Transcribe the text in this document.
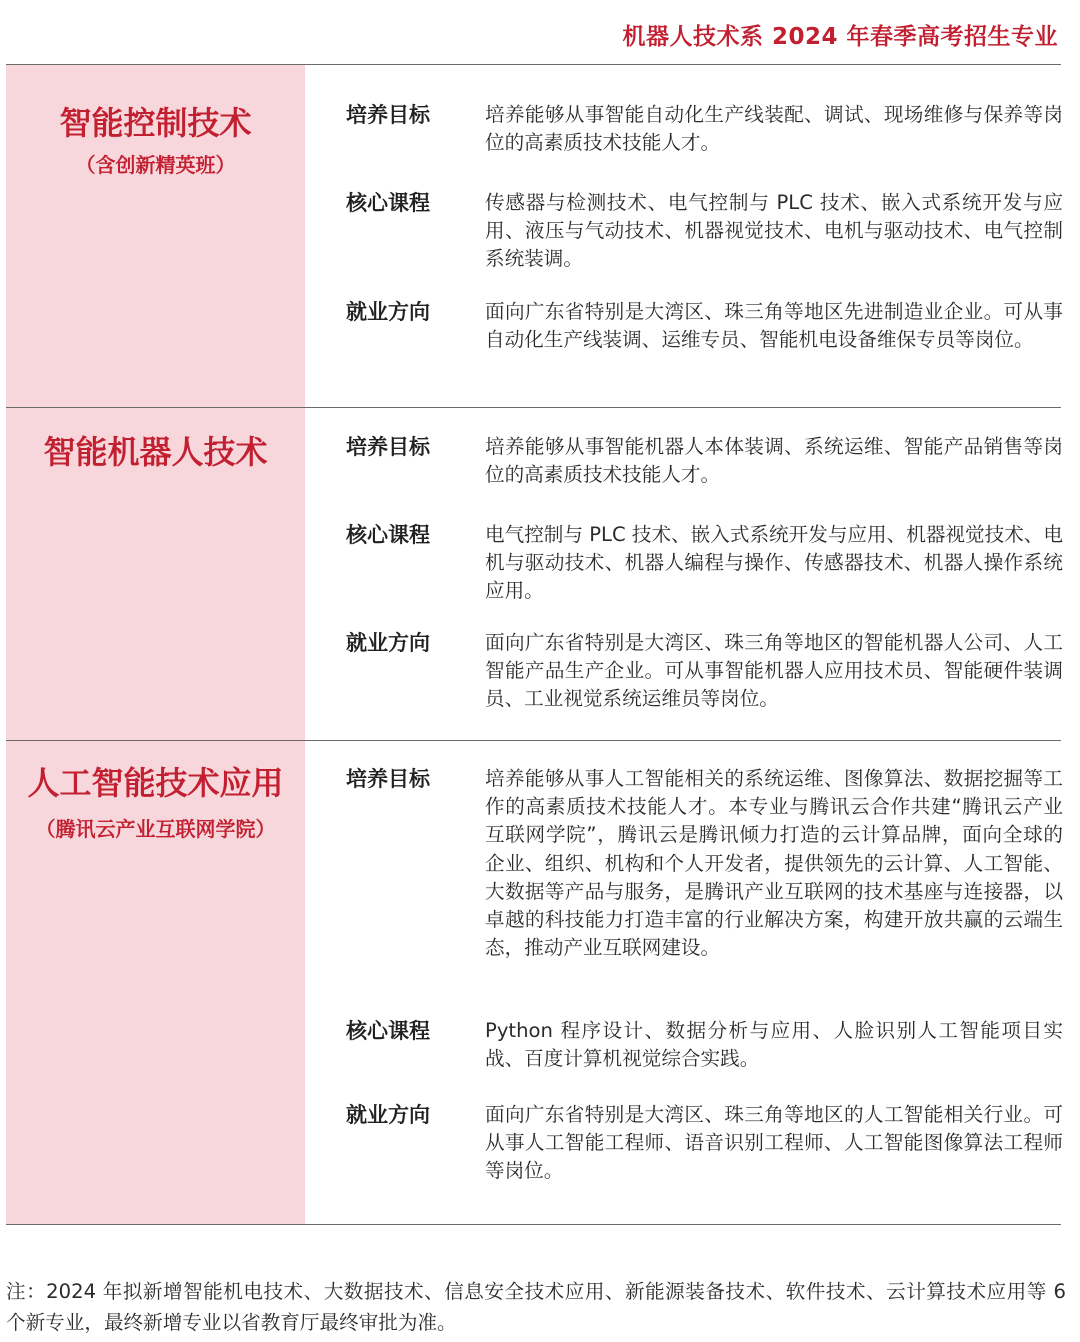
机器人技术系 2024 年春季高考招生专业
智能控制技术
（含创新精英班）
培养目标	培养能够从事智能自动化生产线装配、调试、现场维修与保养等岗位的高素质技术技能人才。
核心课程	传感器与检测技术、电气控制与 PLC 技术、嵌入式系统开发与应用、液压与气动技术、机器视觉技术、电机与驱动技术、电气控制系统装调。
就业方向	面向广东省特别是大湾区、珠三角等地区先进制造业企业。可从事自动化生产线装调、运维专员、智能机电设备维保专员等岗位。
智能机器人技术	培养目标	培养能够从事智能机器人本体装调、系统运维、智能产品销售等岗位的高素质技术技能人才。
核心课程	电气控制与 PLC 技术、嵌入式系统开发与应用、机器视觉技术、电机与驱动技术、机器人编程与操作、传感器技术、机器人操作系统应用。
就业方向	面向广东省特别是大湾区、珠三角等地区的智能机器人公司、人工智能产品生产企业。可从事智能机器人应用技术员、智能硬件装调员、工业视觉系统运维员等岗位。
人工智能技术应用
（腾讯云产业互联网学院）
培养目标	培养能够从事人工智能相关的系统运维、图像算法、数据挖掘等工作的高素质技术技能人才。本专业与腾讯云合作共建“腾讯云产业互联网学院”，腾讯云是腾讯倾力打造的云计算品牌，面向全球的企业、组织、机构和个人开发者，提供领先的云计算、人工智能、大数据等产品与服务，是腾讯产业互联网的技术基座与连接器，以卓越的科技能力打造丰富的行业解决方案，构建开放共赢的云端生态，推动产业互联网建设。
核心课程	Python 程序设计、数据分析与应用、人脸识别人工智能项目实战、百度计算机视觉综合实践。
就业方向	面向广东省特别是大湾区、珠三角等地区的人工智能相关行业。可从事人工智能工程师、语音识别工程师、人工智能图像算法工程师等岗位。
注：2024 年拟新增智能机电技术、大数据技术、信息安全技术应用、新能源装备技术、软件技术、云计算技术应用等 6 个新专业，最终新增专业以省教育厅最终审批为准。
